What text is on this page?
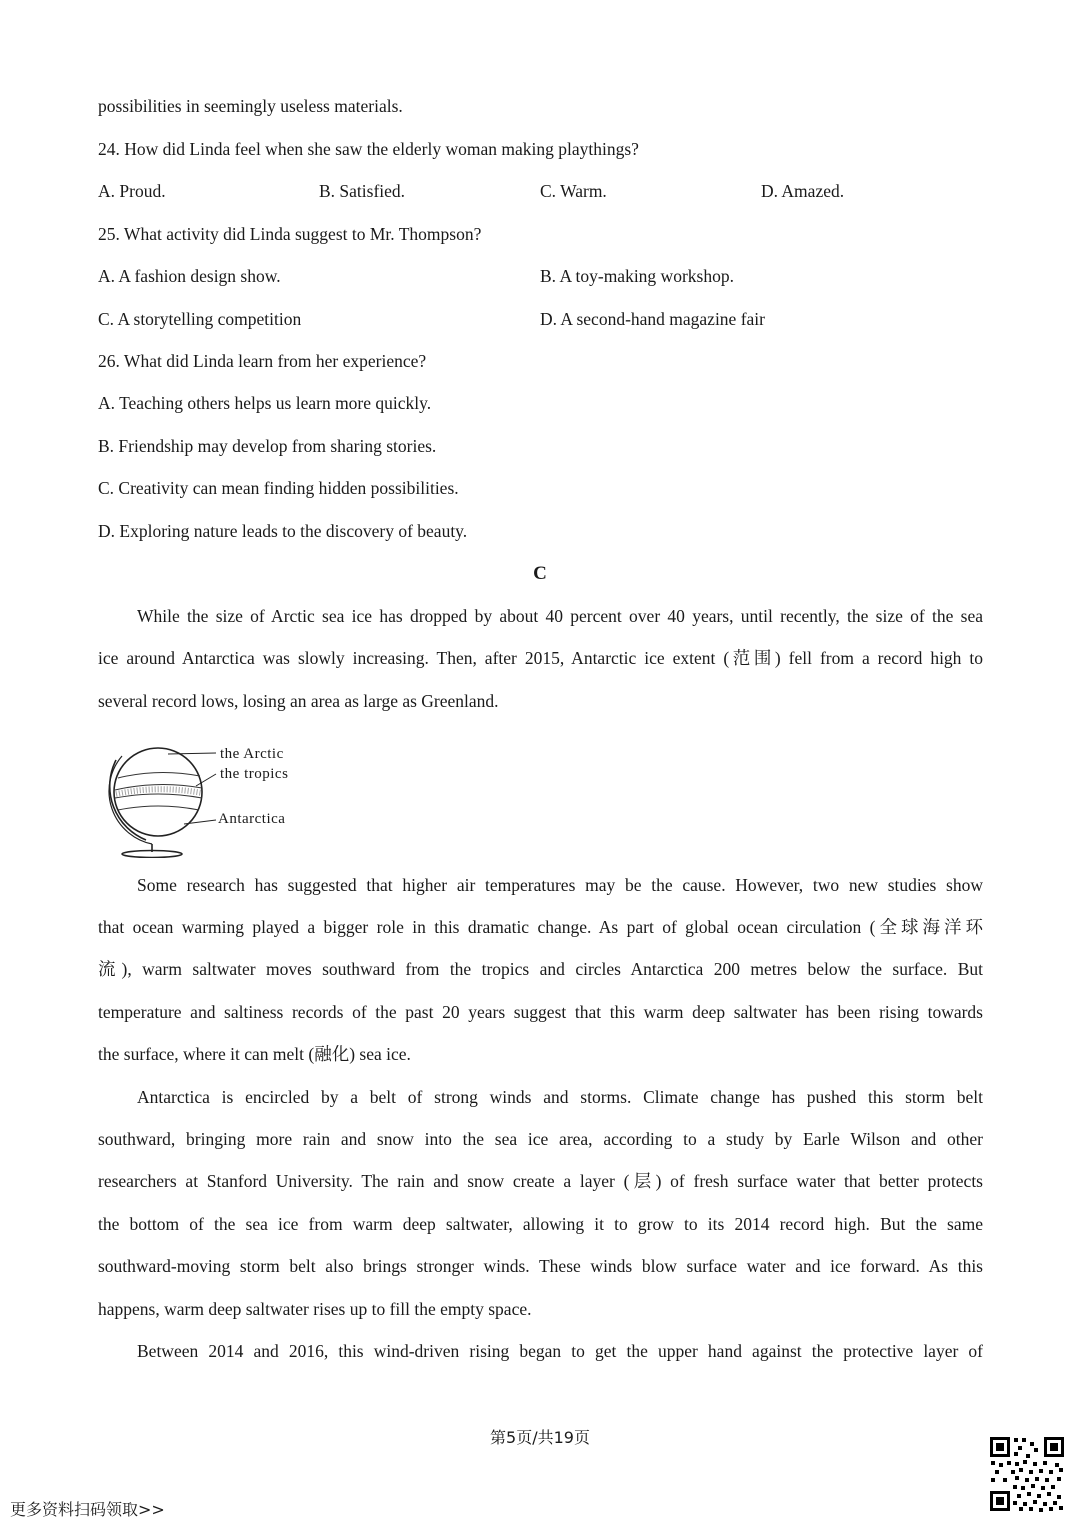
possibilities in seemingly useless materials.
24. How did Linda feel when she saw the elderly woman making playthings?
A. Proud.	B. Satisfied.	C. Warm.	D. Amazed.
25. What activity did Linda suggest to Mr. Thompson?
A. A fashion design show.	B. A toy-making workshop.
C. A storytelling competition	D. A second-hand magazine fair
26. What did Linda learn from her experience?
A. Teaching others helps us learn more quickly.
B. Friendship may develop from sharing stories.
C. Creativity can mean finding hidden possibilities.
D. Exploring nature leads to the discovery of beauty.
C
While the size of Arctic sea ice has dropped by about 40 percent over 40 years, until recently, the size of the sea
ice around Antarctica was slowly increasing. Then, after 2015, Antarctic ice extent (范围) fell from a record high to
several record lows, losing an area as large as Greenland.
the Arctic
the tropics
Antarctica
Some research has suggested that higher air temperatures may be the cause. However, two new studies show
that ocean warming played a bigger role in this dramatic change. As part of global ocean circulation (全球海洋环
流), warm saltwater moves southward from the tropics and circles Antarctica 200 metres below the surface. But
temperature and saltiness records of the past 20 years suggest that this warm deep saltwater has been rising towards
the surface, where it can melt (融化) sea ice.
Antarctica is encircled by a belt of strong winds and storms. Climate change has pushed this storm belt
southward, bringing more rain and snow into the sea ice area, according to a study by Earle Wilson and other
researchers at Stanford University. The rain and snow create a layer (层) of fresh surface water that better protects
the bottom of the sea ice from warm deep saltwater, allowing it to grow to its 2014 record high. But the same
southward-moving storm belt also brings stronger winds. These winds blow surface water and ice forward. As this
happens, warm deep saltwater rises up to fill the empty space.
Between 2014 and 2016, this wind-driven rising began to get the upper hand against the protective layer of
第5页/共19页
更多资料扫码领取>>
